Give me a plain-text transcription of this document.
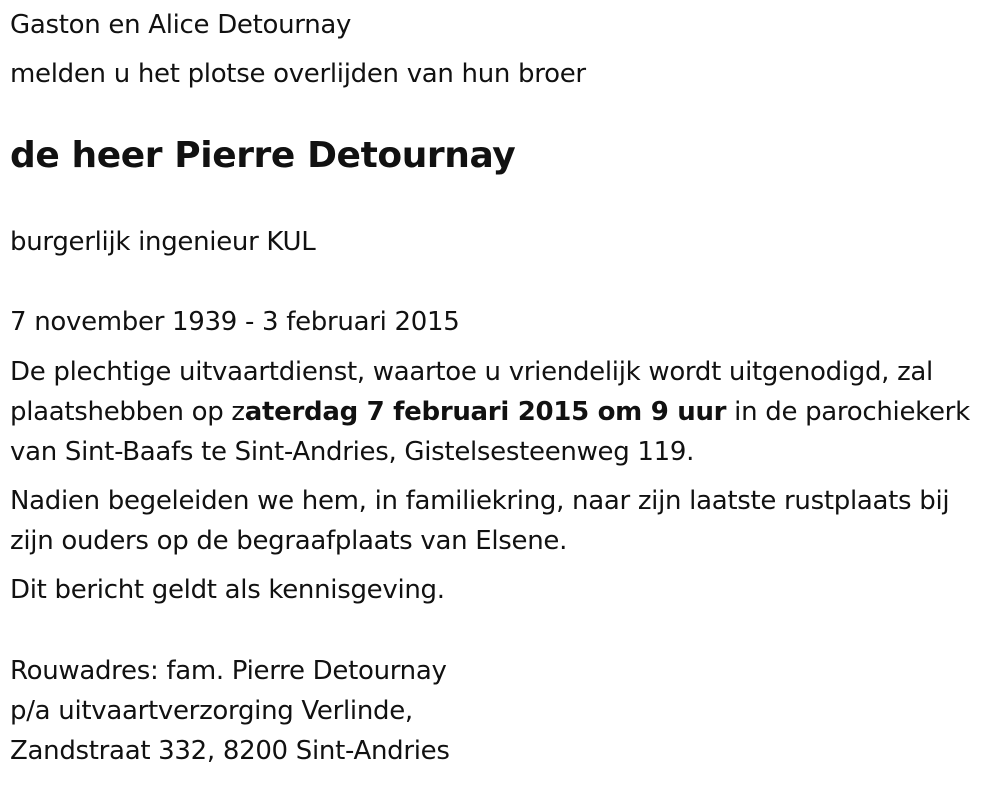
Gaston en Alice Detournay
melden u het plotse overlijden van hun broer
de heer Pierre Detournay
burgerlijk ingenieur KUL
7 november 1939 - 3 februari 2015
De plechtige uitvaartdienst, waartoe u vriendelijk wordt uitgenodigd, zal
plaatshebben op zaterdag 7 februari 2015 om 9 uur in de parochiekerk
van Sint-Baafs te Sint-Andries, Gistelsesteenweg 119.
Nadien begeleiden we hem, in familiekring, naar zijn laatste rustplaats bij
zijn ouders op de begraafplaats van Elsene.
Dit bericht geldt als kennisgeving.
Rouwadres: fam. Pierre Detournay
p/a uitvaartverzorging Verlinde,
Zandstraat 332, 8200 Sint-Andries
